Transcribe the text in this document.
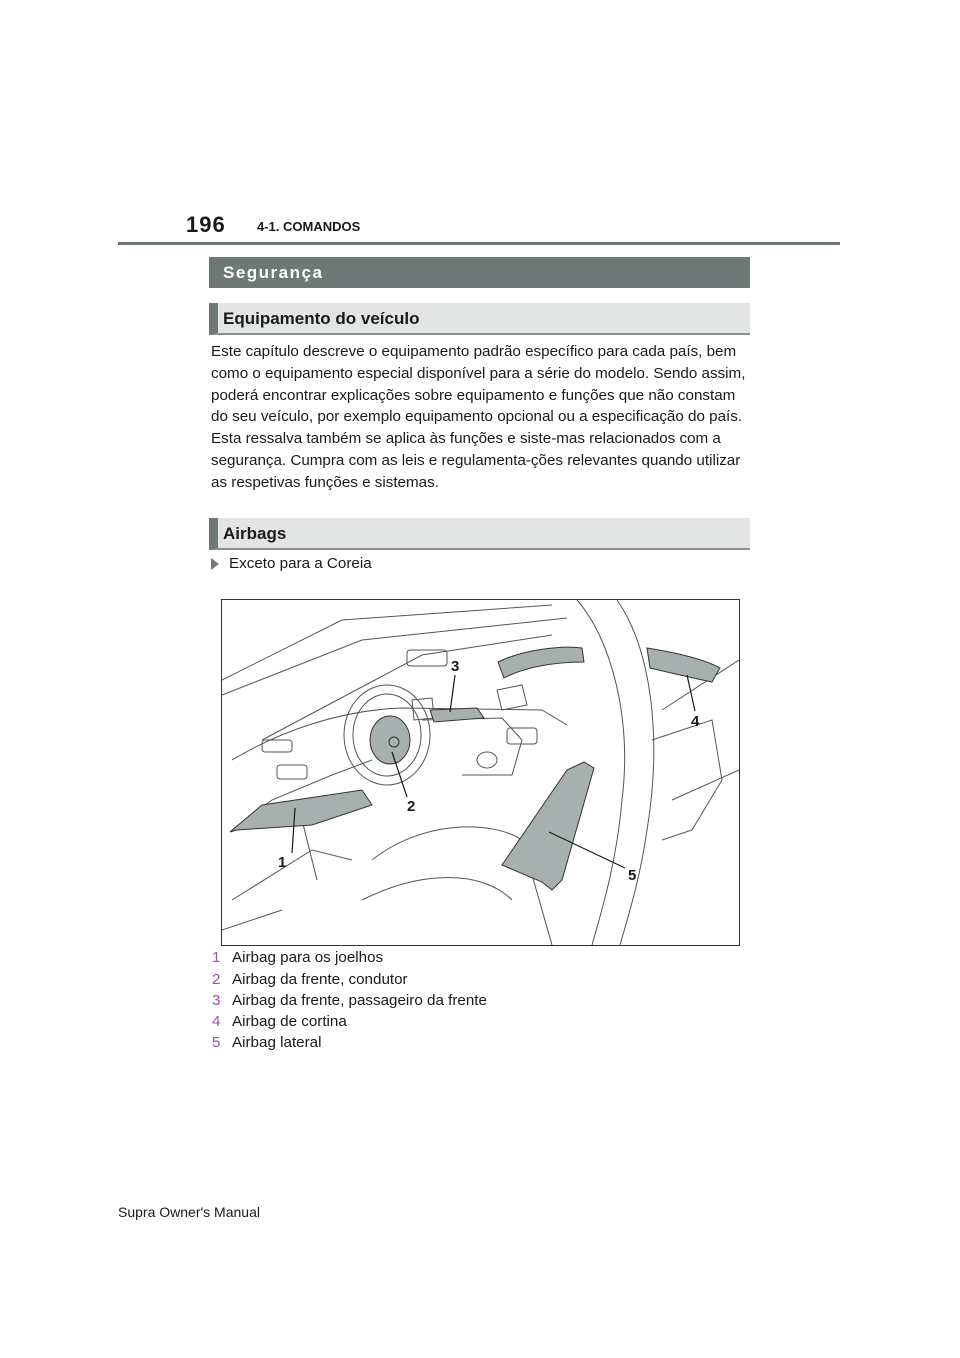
196 4-1. COMANDOS
Segurança
Equipamento do veículo

Este capítulo descreve o equipamento padrão específico para cada país, bem como o equipamento especial disponível para a série do modelo. Sendo assim, poderá encontrar explicações sobre equipamento e funções que não constam do seu veículo, por exemplo equipamento opcional ou a especificação do país. Esta ressalva também se aplica às funções e siste-mas relacionados com a segurança. Cumpra com as leis e regulamenta-ções relevantes quando utilizar as respetivas funções e sistemas.

Airbags
Exceto para a Coreia
1
2
3
4
5
1 Airbag para os joelhos
2 Airbag da frente, condutor
3 Airbag da frente, passageiro da frente
4 Airbag de cortina
5 Airbag lateral
Supra Owner's Manual
